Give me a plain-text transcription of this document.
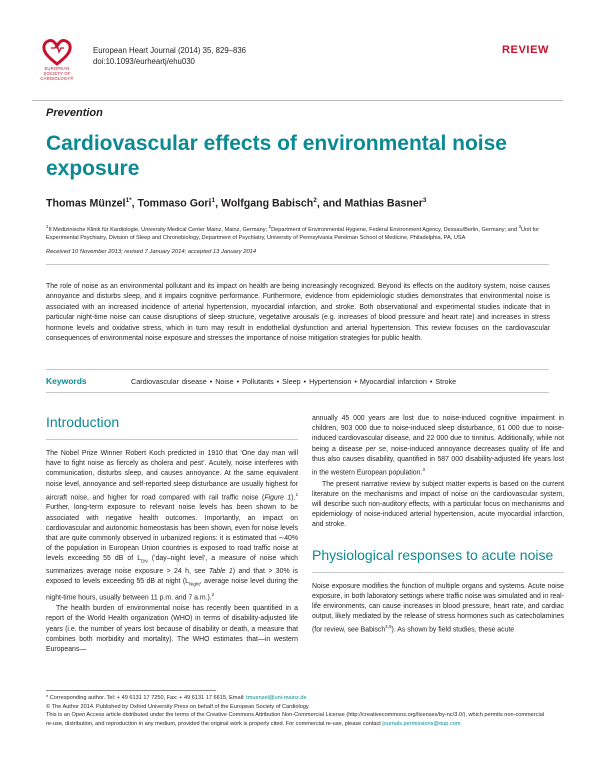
EUROPEAN
SOCIETY OF
CARDIOLOGY®
European Heart Journal (2014) 35, 829–836
doi:10.1093/eurheartj/ehu030
REVIEW
Prevention
Cardiovascular effects of environmental noise exposure
Thomas Münzel$^{1*}$, Tommaso Gori$^1$, Wolfgang Babisch$^2$, and Mathias Basner$^3$
$^1$II Medizinische Klinik für Kardiologie, University Medical Center Mainz, Mainz, Germany; $^2$Department of Environmental Hygiene, Federal Environment Agency, Dessau/Berlin, Germany; and $^3$Unit for Experimental Psychiatry, Division of Sleep and Chronobiology, Department of Psychiatry, University of Pennsylvania Perelman School of Medicine, Philadelphia, PA, USA
Received 10 November 2013; revised 7 January 2014; accepted 13 January 2014

The role of noise as an environmental pollutant and its impact on health are being increasingly recognized. Beyond its effects on the auditory system, noise causes annoyance and disturbs sleep, and it impairs cognitive performance. Furthermore, evidence from epidemiologic studies demonstrates that environmental noise is associated with an increased incidence of arterial hypertension, myocardial infarction, and stroke. Both observational and experimental studies indicate that in particular night-time noise can cause disruptions of sleep structure, vegetative arousals (e.g. increases of blood pressure and heart rate) and increases in stress hormone levels and oxidative stress, which in turn may result in endothelial dysfunction and arterial hypertension. This review focuses on the cardiovascular consequences of environmental noise exposure and stresses the importance of noise mitigation strategies for public health.

Keywords	Cardiovascular disease • Noise • Pollutants • Sleep • Hypertension • Myocardial infarction • Stroke
Introduction

The Nobel Prize Winner Robert Koch predicted in 1910 that ‘One day man will have to fight noise as fiercely as cholera and pest’. Acutely, noise interferes with communication, disturbs sleep, and causes annoyance. At the same equivalent noise level, annoyance and self-reported sleep disturbance are usually highest for aircraft noise, and higher for road compared with rail traffic noise (Figure 1).$^1$ Further, long-term exposure to relevant noise levels has been shown to be associated with negative health outcomes. Importantly, an impact on cardiovascular and autonomic homeostasis has been shown, even for noise levels that are quite commonly observed in urbanized regions: it is estimated that ∼40% of the population in European Union countries is exposed to road traffic noise at levels exceeding 55 dB of $L_{DN}$ (‘day–night level’, a measure of noise which summarizes average noise exposure > 24 h, see Table 1) and that > 30% is exposed to levels exceeding 55 dB at night ($L_{Night}$, average noise level during the night-time hours, usually between 11 p.m. and 7 a.m.).$^2$

The health burden of environmental noise has recently been quantified in a report of the World Health organization (WHO) in terms of disability-adjusted life years (i.e. the number of years lost because of disability or death, a measure that combines both morbidity and mortality). The WHO estimates that—in western Europeans—

annually 45 000 years are lost due to noise-induced cognitive impairment in children, 903 000 due to noise-induced sleep disturbance, 61 000 due to noise-induced cardiovascular disease, and 22 000 due to tinnitus. Additionally, while not being a disease per se, noise-induced annoyance decreases quality of life and thus also causes disability, quantified in 587 000 disability-adjusted life years lost in the western European population.$^3$

The present narrative review by subject matter experts is based on the current literature on the mechanisms and impact of noise on the cardiovascular system, will describe such non-auditory effects, with a particular focus on mechanisms and epidemiology of noise-induced arterial hypertension, acute myocardial infarction, and stroke.

Physiological responses to acute noise

Noise exposure modifies the function of multiple organs and systems. Acute noise exposure, in both laboratory settings where traffic noise was simulated and in real-life environments, can cause increases in blood pressure, heart rate, and cardiac output, likely mediated by the release of stress hormones such as catecholamines (for review, see Babisch$^{4,5}$). As shown by field studies, these acute

* Corresponding author. Tel: + 49 6131 17 7250, Fax: + 49 6131 17 6615, Email: tmuenzel@uni-mainz.de
© The Author 2014. Published by Oxford University Press on behalf of the European Society of Cardiology.
This is an Open Access article distributed under the terms of the Creative Commons Attribution Non-Commercial License (http://creativecommons.org/licenses/by-nc/3.0/), which permits non-commercial re-use, distribution, and reproduction in any medium, provided the original work is properly cited. For commercial re-use, please contact journals.permissions@oup.com
